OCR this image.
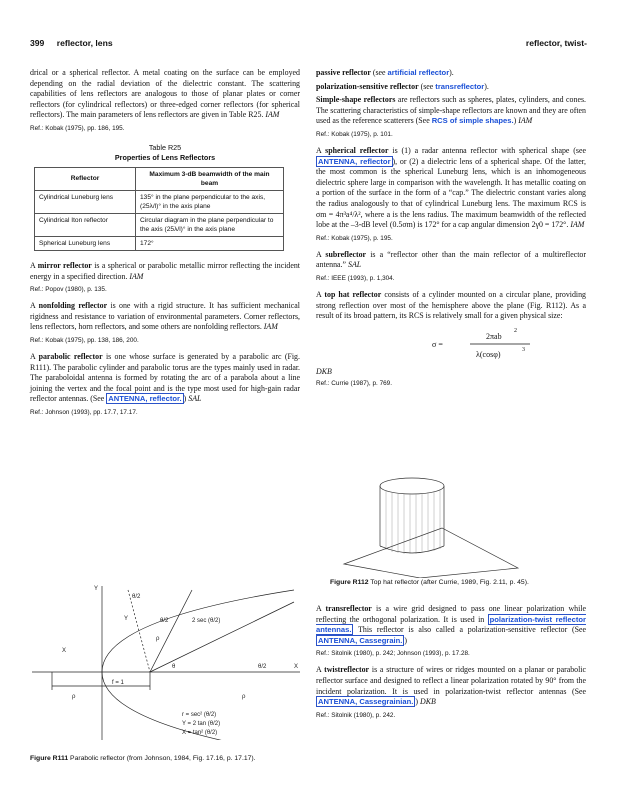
399 reflector, lens	reflector, twist-

drical or a spherical reflector. A metal coating on the surface can be employed depending on the radial deviation of the dielectric constant. The scattering capabilities of lens reflectors are analogous to those of planar plates or corner reflectors (for cylindrical reflectors) or three-edged corner reflectors (for spherical reflectors). The main parameters of lens reflectors are given in Table R25. IAM

Ref.: Kobak (1975), pp. 186, 195.
Table R25
Properties of Lens Reflectors
Reflector	Maximum 3-dB beamwidth of the main beam
Cylindrical Luneburg lens	135° in the plane perpendicular to the axis, (25λ/l)° in the axis plane
Cylindrical Iton reflector	Circular diagram in the plane perpendicular to the axis (25λ/l)° in the axis plane
Spherical Luneburg lens	172°

A mirror reflector is a spherical or parabolic metallic mirror reflecting the incident energy in a specified direction. IAM

Ref.: Popov (1980), p. 135.

A nonfolding reflector is one with a rigid structure. It has sufficient mechanical rigidness and resistance to variation of environmental parameters. Corner reflectors, lens reflectors, horn reflectors, and some others are nonfolding reflectors. IAM

Ref.: Kobak (1975), pp. 138, 186, 200.

A parabolic reflector is one whose surface is generated by a parabolic arc (Fig. R111). The parabolic cylinder and parabolic torus are the types mainly used in radar. The paraboloidal antenna is formed by rotating the arc of a parabola about a line joining the vertex and the focal point and is the type most used for high-gain radar reflector antennas. (See ANTENNA, reflector. ) SAL

Ref.: Johnson (1993), pp. 17.7, 17.17.
Y
X
θ/2
θ/2
θ/2
Y
ρ
2 sec (θ/2)
X
θ
f = 1
ρ	ρ
r = sec² (θ/2)
Y = 2 tan (θ/2)
X = tan² (θ/2)
Figure R111 Parabolic reflector (from Johnson, 1984, Fig. 17.16, p. 17.17).

passive reflector (see artificial reflector).

polarization-sensitive reflector (see transreflector).

Simple-shape reflectors are reflectors such as spheres, plates, cylinders, and cones. The scattering characteristics of simple-shape reflectors are known and they are often used as the reference scatterers (See RCS of simple shapes.) IAM

Ref.: Kobak (1975), p. 101.

A spherical reflector is (1) a radar antenna reflector with spherical shape (see ANTENNA, reflector ), or (2) a dielectric lens of a spherical shape. Of the latter, the most common is the spherical Luneburg lens, which is an inhomogeneous dielectric sphere large in comparison with the wavelength. It has metallic coating on a portion of the surface in the form of a “cap.” The dielectric constant varies along the radius analogously to that of cylindrical Luneburg lens. The maximum RCS is σm = 4π³a⁴/λ², where a is the lens radius. The maximum beamwidth of the reflected lobe at the –3-dB level (0.5σm) is 172° for a cap angular dimension 2γ0 = 172°. IAM

Ref.: Kobak (1975), p. 195.

A subreflector is a “reflector other than the main reflector of a multireflector antenna.” SAL

Ref.: IEEE (1993), p. 1,304.

A top hat reflector consists of a cylinder mounted on a circular plane, providing strong reflection over most of the hemisphere above the plane (Fig. R112). As a result of its broad pattern, its RCS is relatively small for a given physical size:

σ =
2πab
2
λ(cosφ)	3

DKB

Ref.: Currie (1987), p. 769.
Figure R112 Top hat reflector (after Currie, 1989, Fig. 2.11, p. 45).

A transreflector is a wire grid designed to pass one linear polarization while reflecting the orthogonal polarization. It is used in polarization-twist reflector antennas. This reflector is also called a polarization-sensitive reflector (See ANTENNA, Cassegrain. )

Ref.: Sitolnik (1980), p. 242; Johnson (1993), p. 17.28.

A twistreflector is a structure of wires or ridges mounted on a planar or parabolic reflector surface and designed to reflect a linear polarization rotated by 90° from the incident polarization. It is used in polarization-twist reflector antennas (See ANTENNA, Cassegrainian. ) DKB

Ref.: Sitolnik (1980), p. 242.
